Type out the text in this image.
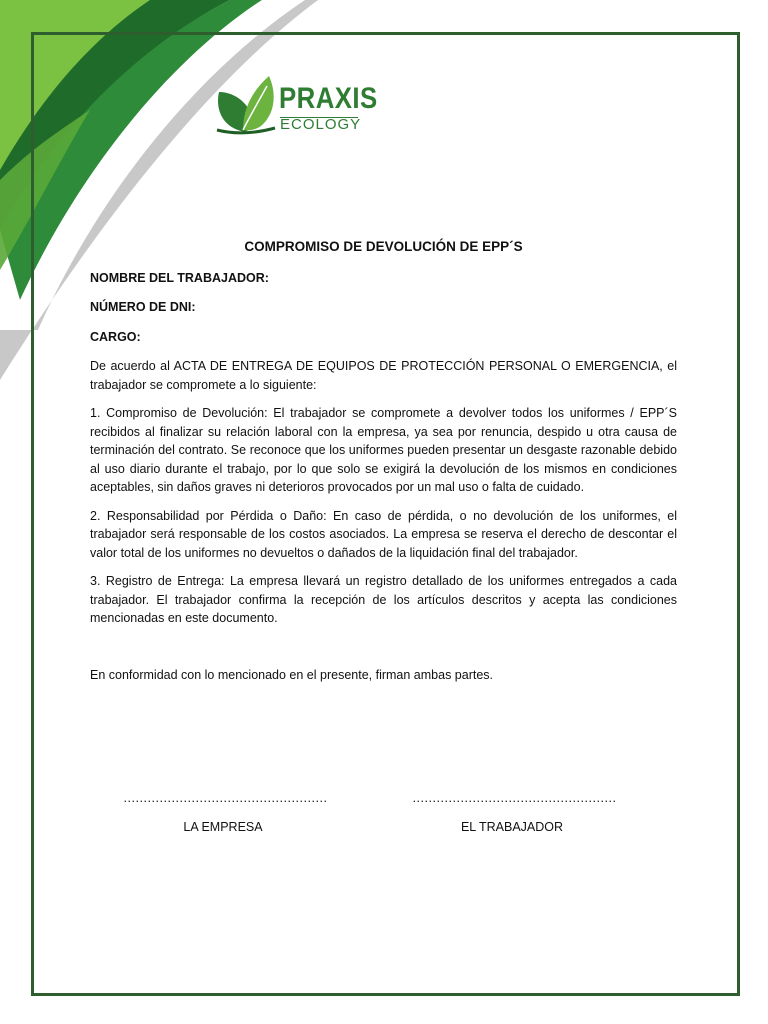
PRAXIS
ECOLOGY
COMPROMISO DE DEVOLUCIÓN DE EPP´S
NOMBRE DEL TRABAJADOR:
NÚMERO DE DNI:
CARGO:

De acuerdo al ACTA DE ENTREGA DE EQUIPOS DE PROTECCIÓN PERSONAL O EMERGENCIA, el trabajador se compromete a lo siguiente:

1. Compromiso de Devolución: El trabajador se compromete a devolver todos los uniformes / EPP´S recibidos al finalizar su relación laboral con la empresa, ya sea por renuncia, despido u otra causa de terminación del contrato. Se reconoce que los uniformes pueden presentar un desgaste razonable debido al uso diario durante el trabajo, por lo que solo se exigirá la devolución de los mismos en condiciones aceptables, sin daños graves ni deterioros provocados por un mal uso o falta de cuidado.

2. Responsabilidad por Pérdida o Daño: En caso de pérdida, o no devolución de los uniformes, el trabajador será responsable de los costos asociados. La empresa se reserva el derecho de descontar el valor total de los uniformes no devueltos o dañados de la liquidación final del trabajador.

3. Registro de Entrega: La empresa llevará un registro detallado de los uniformes entregados a cada trabajador. El trabajador confirma la recepción de los artículos descritos y acepta las condiciones mencionadas en este documento.

En conformidad con lo mencionado en el presente, firman ambas partes.

……………………………………………
LA EMPRESA
……………………………………………
EL TRABAJADOR
